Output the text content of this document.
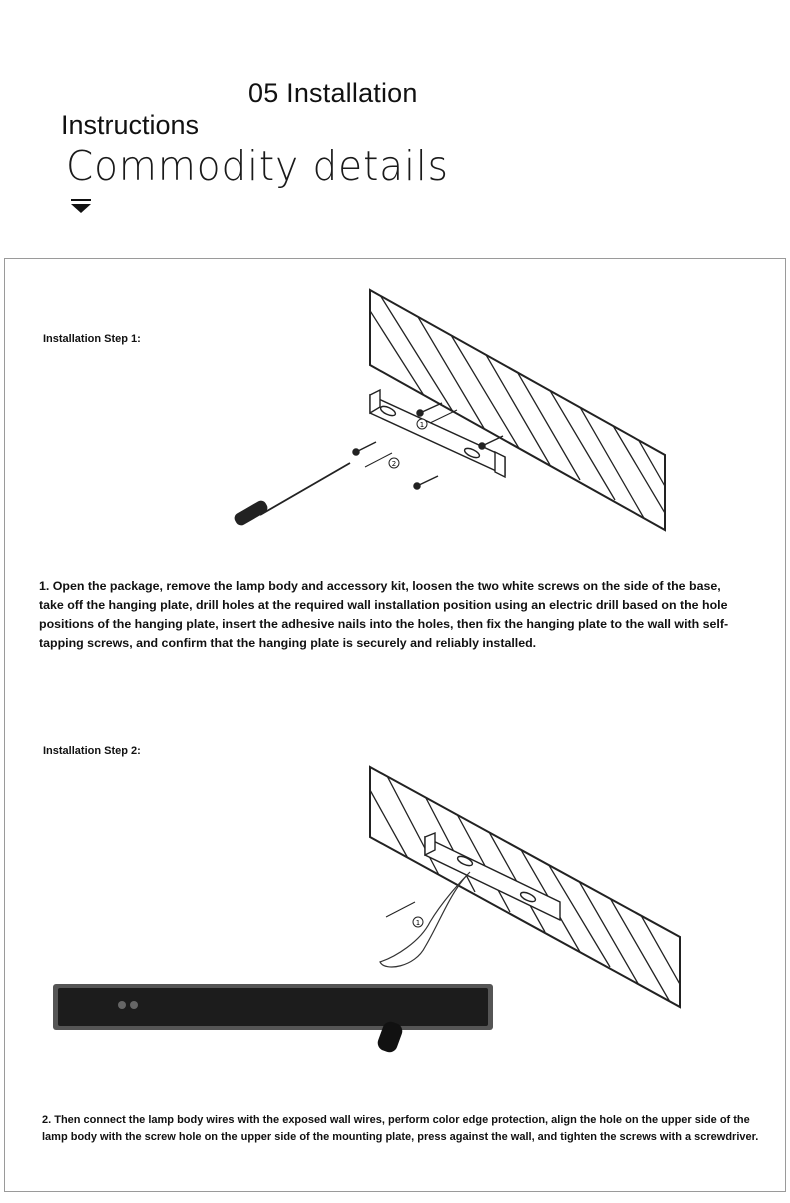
05 Installation
Instructions
Commodity details
Installation Step 1:
1
2
1. Open the package, remove the lamp body and accessory kit, loosen the two white screws on the side of the base, take off the hanging plate, drill holes at the required wall installation position using an electric drill based on the hole positions of the hanging plate, insert the adhesive nails into the holes, then fix the hanging plate to the wall with self-tapping screws, and confirm that the hanging plate is securely and reliably installed.
Installation Step 2:
1
2. Then connect the lamp body wires with the exposed wall wires, perform color edge protection, align the hole on the upper side of the lamp body with the screw hole on the upper side of the mounting plate, press against the wall, and tighten the screws with a screwdriver.
